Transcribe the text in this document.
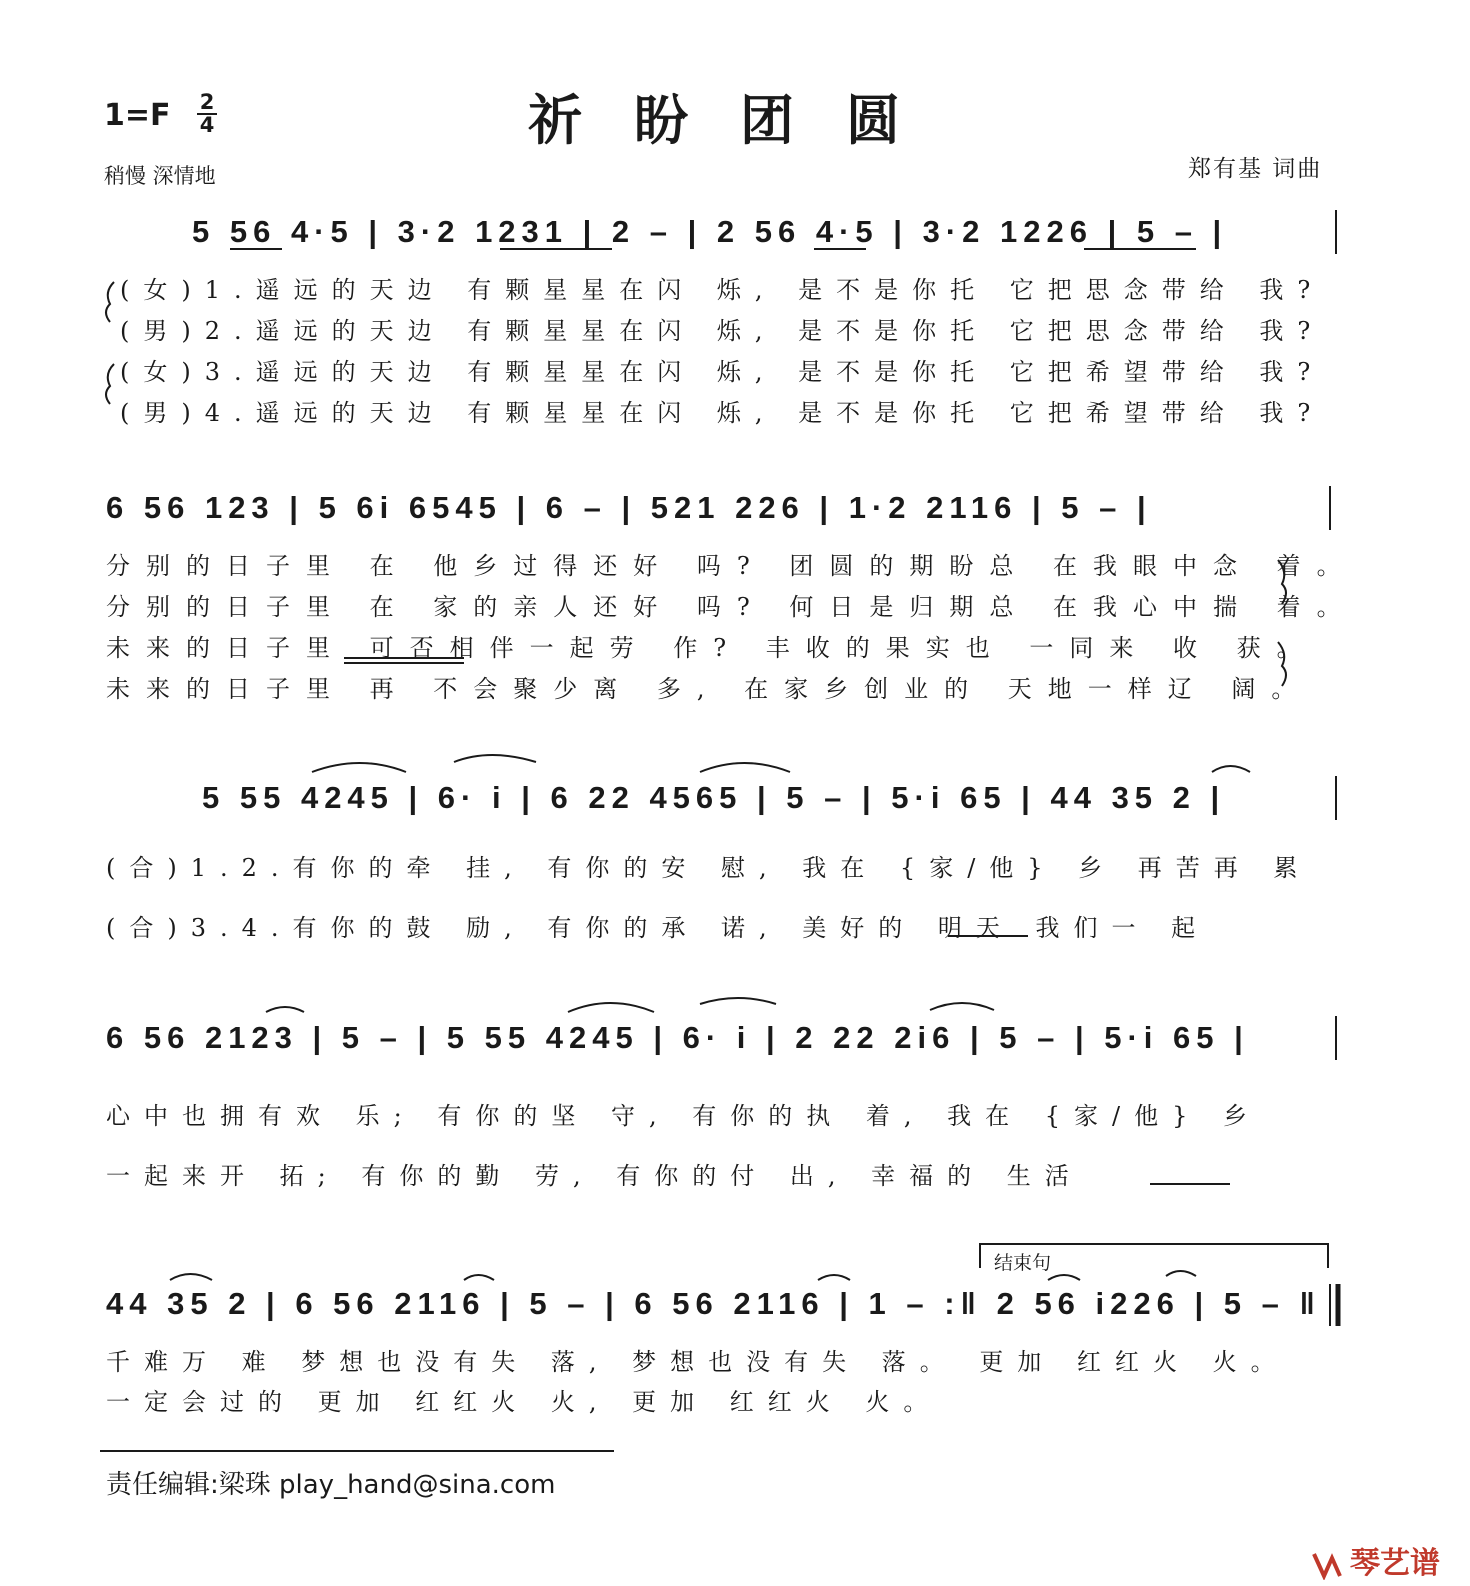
1=F 2
4	祈盼团圆
稍慢 深情地	郑有基 词曲
5 56 4·5 | 3·2 1231 | 2 – | 2 56 4·5 | 3·2 1226 | 5 – |
(女)1.遥远的天边 有颗星星在闪 烁, 是不是你托 它把思念带给 我?
(男)2.遥远的天边 有颗星星在闪 烁, 是不是你托 它把思念带给 我?
(女)3.遥远的天边 有颗星星在闪 烁, 是不是你托 它把希望带给 我?
(男)4.遥远的天边 有颗星星在闪 烁, 是不是你托 它把希望带给 我?
6 56 123 | 5 6i 6545 | 6 – | 521 226 | 1·2 2116 | 5 – |
分别的日子里 在 他乡过得还好 吗? 团圆的期盼总 在我眼中念 着。
分别的日子里 在 家的亲人还好 吗? 何日是归期总 在我心中揣 着。
未来的日子里 可否相伴一起劳 作? 丰收的果实也 一同来 收 获。
未来的日子里 再 不会聚少离 多, 在家乡创业的 天地一样辽 阔。
5 55 4245 | 6· i | 6 22 4565 | 5 – | 5·i 65 | 44 35 2 |
(合)1.2.有你的牵 挂, 有你的安 慰, 我在 {家/他} 乡 再苦再 累
(合)3.4.有你的鼓 励, 有你的承 诺, 美好的 明天 我们一 起
6 56 2123 | 5 – | 5 55 4245 | 6· i | 2 22 2i6 | 5 – | 5·i 65 |
心中也拥有欢 乐; 有你的坚 守, 有你的执 着, 我在 {家/他} 乡
一起来开 拓; 有你的勤 劳, 有你的付 出, 幸福的 生活
结束句
44 35 2 | 6 56 2116 | 5 – | 6 56 2116 | 1 – :‖ 2 56 i226 | 5 – ‖
千难万 难 梦想也没有失 落, 梦想也没有失 落。 更加 红红火 火。
一定会过的 更加 红红火 火, 更加 红红火 火。
责任编辑:梁珠 play_hand@sina.com
琴艺谱
